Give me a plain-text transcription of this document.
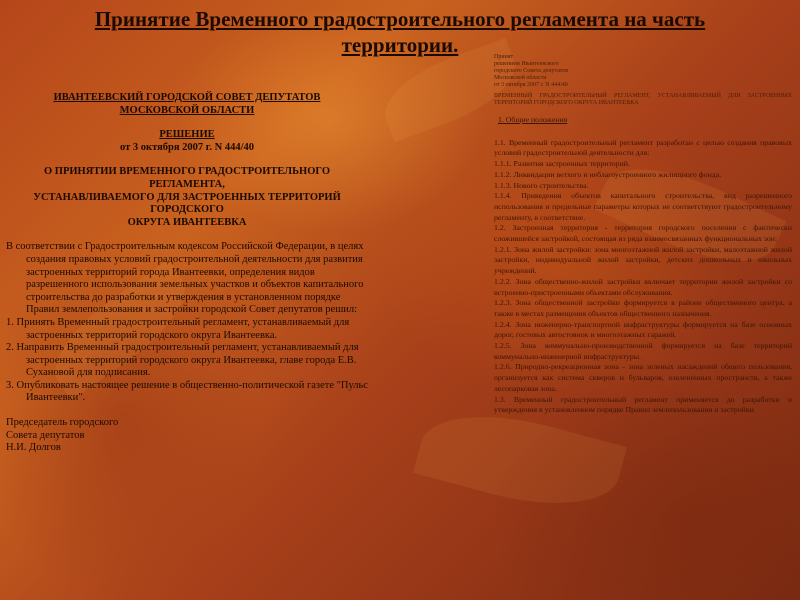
Принятие Временного градостроительного регламента на часть территории.
ИВАНТЕЕВСКИЙ ГОРОДСКОЙ СОВЕТ ДЕПУТАТОВ
МОСКОВСКОЙ ОБЛАСТИ
РЕШЕНИЕ
от 3 октября 2007 г. N 444/40
О ПРИНЯТИИ ВРЕМЕННОГО ГРАДОСТРОИТЕЛЬНОГО РЕГЛАМЕНТА,
УСТАНАВЛИВАЕМОГО ДЛЯ ЗАСТРОЕННЫХ ТЕРРИТОРИЙ ГОРОДСКОГО
ОКРУГА ИВАНТЕЕВКА
В соответствии с Градостроительным кодексом Российской Федерации, в целях создания правовых условий градостроительной деятельности для развития застроенных территорий города Ивантеевки, определения видов разрешенного использования земельных участков и объектов капитального строительства до разработки и утверждения в установленном порядке Правил землепользования и застройки городской Совет депутатов решил:
1. Принять Временный градостроительный регламент, устанавливаемый для застроенных территорий городского округа Ивантеевка.
2. Направить Временный градостроительный регламент, устанавливаемый для застроенных территорий городского округа Ивантеевка, главе города Е.В. Сухановой для подписания.
3. Опубликовать настоящее решение в общественно-политической газете "Пульс Ивантеевки".
Председатель городского
Совета депутатов
Н.И. Долгов
Принят
решением Ивантеевского
городского Совета депутатов
Московской области
от 3 октября 2007 г. N 444/40
ВРЕМЕННЫЙ ГРАДОСТРОИТЕЛЬНЫЙ РЕГЛАМЕНТ, УСТАНАВЛИВАЕМЫЙ ДЛЯ ЗАСТРОЕННЫХ ТЕРРИТОРИЙ ГОРОДСКОГО ОКРУГА ИВАНТЕЕВКА
1. Общие положения

1.1. Временный градостроительный регламент разработан с целью создания правовых условий градостроительной деятельности для:

1.1.1. Развития застроенных территорий.

1.1.2. Ликвидации ветхого и неблагоустроенного жилищного фонда.

1.1.3. Нового строительства.

1.1.4. Приведения объектов капитального строительства, вид разрешенного использования и предельные параметры которых не соответствуют градостроительному регламенту, в соответствие.

1.2. Застроенная территория - территория городского поселения с фактически сложившейся застройкой, состоящая из ряда взаимосвязанных функциональных зон:

1.2.1. Зона жилой застройки: зона многоэтажной жилой застройки, малоэтажной жилой застройки, индивидуальной жилой застройки, детских дошкольных и школьных учреждений.

1.2.2. Зона общественно-жилой застройки включает территории жилой застройки со встроенно-пристроенными объектами обслуживания.

1.2.3. Зона общественной застройки формируется в районе общественного центра, а также в местах размещения объектов общественного назначения.

1.2.4. Зона инженерно-транспортной инфраструктуры формируется на базе основных дорог, гостевых автостоянок и многоэтажных гаражей.

1.2.5. Зона коммунально-производственной формируется на базе территорий коммунально-инженерной инфраструктуры.

1.2.6. Природно-рекреационная зона - зона зеленых насаждений общего пользования, организуется как система скверов и бульваров, озелененных пространств, а также лесопарковая зона.

1.3. Временный градостроительный регламент применяется до разработки и утверждения в установленном порядке Правил землепользования и застройки.
